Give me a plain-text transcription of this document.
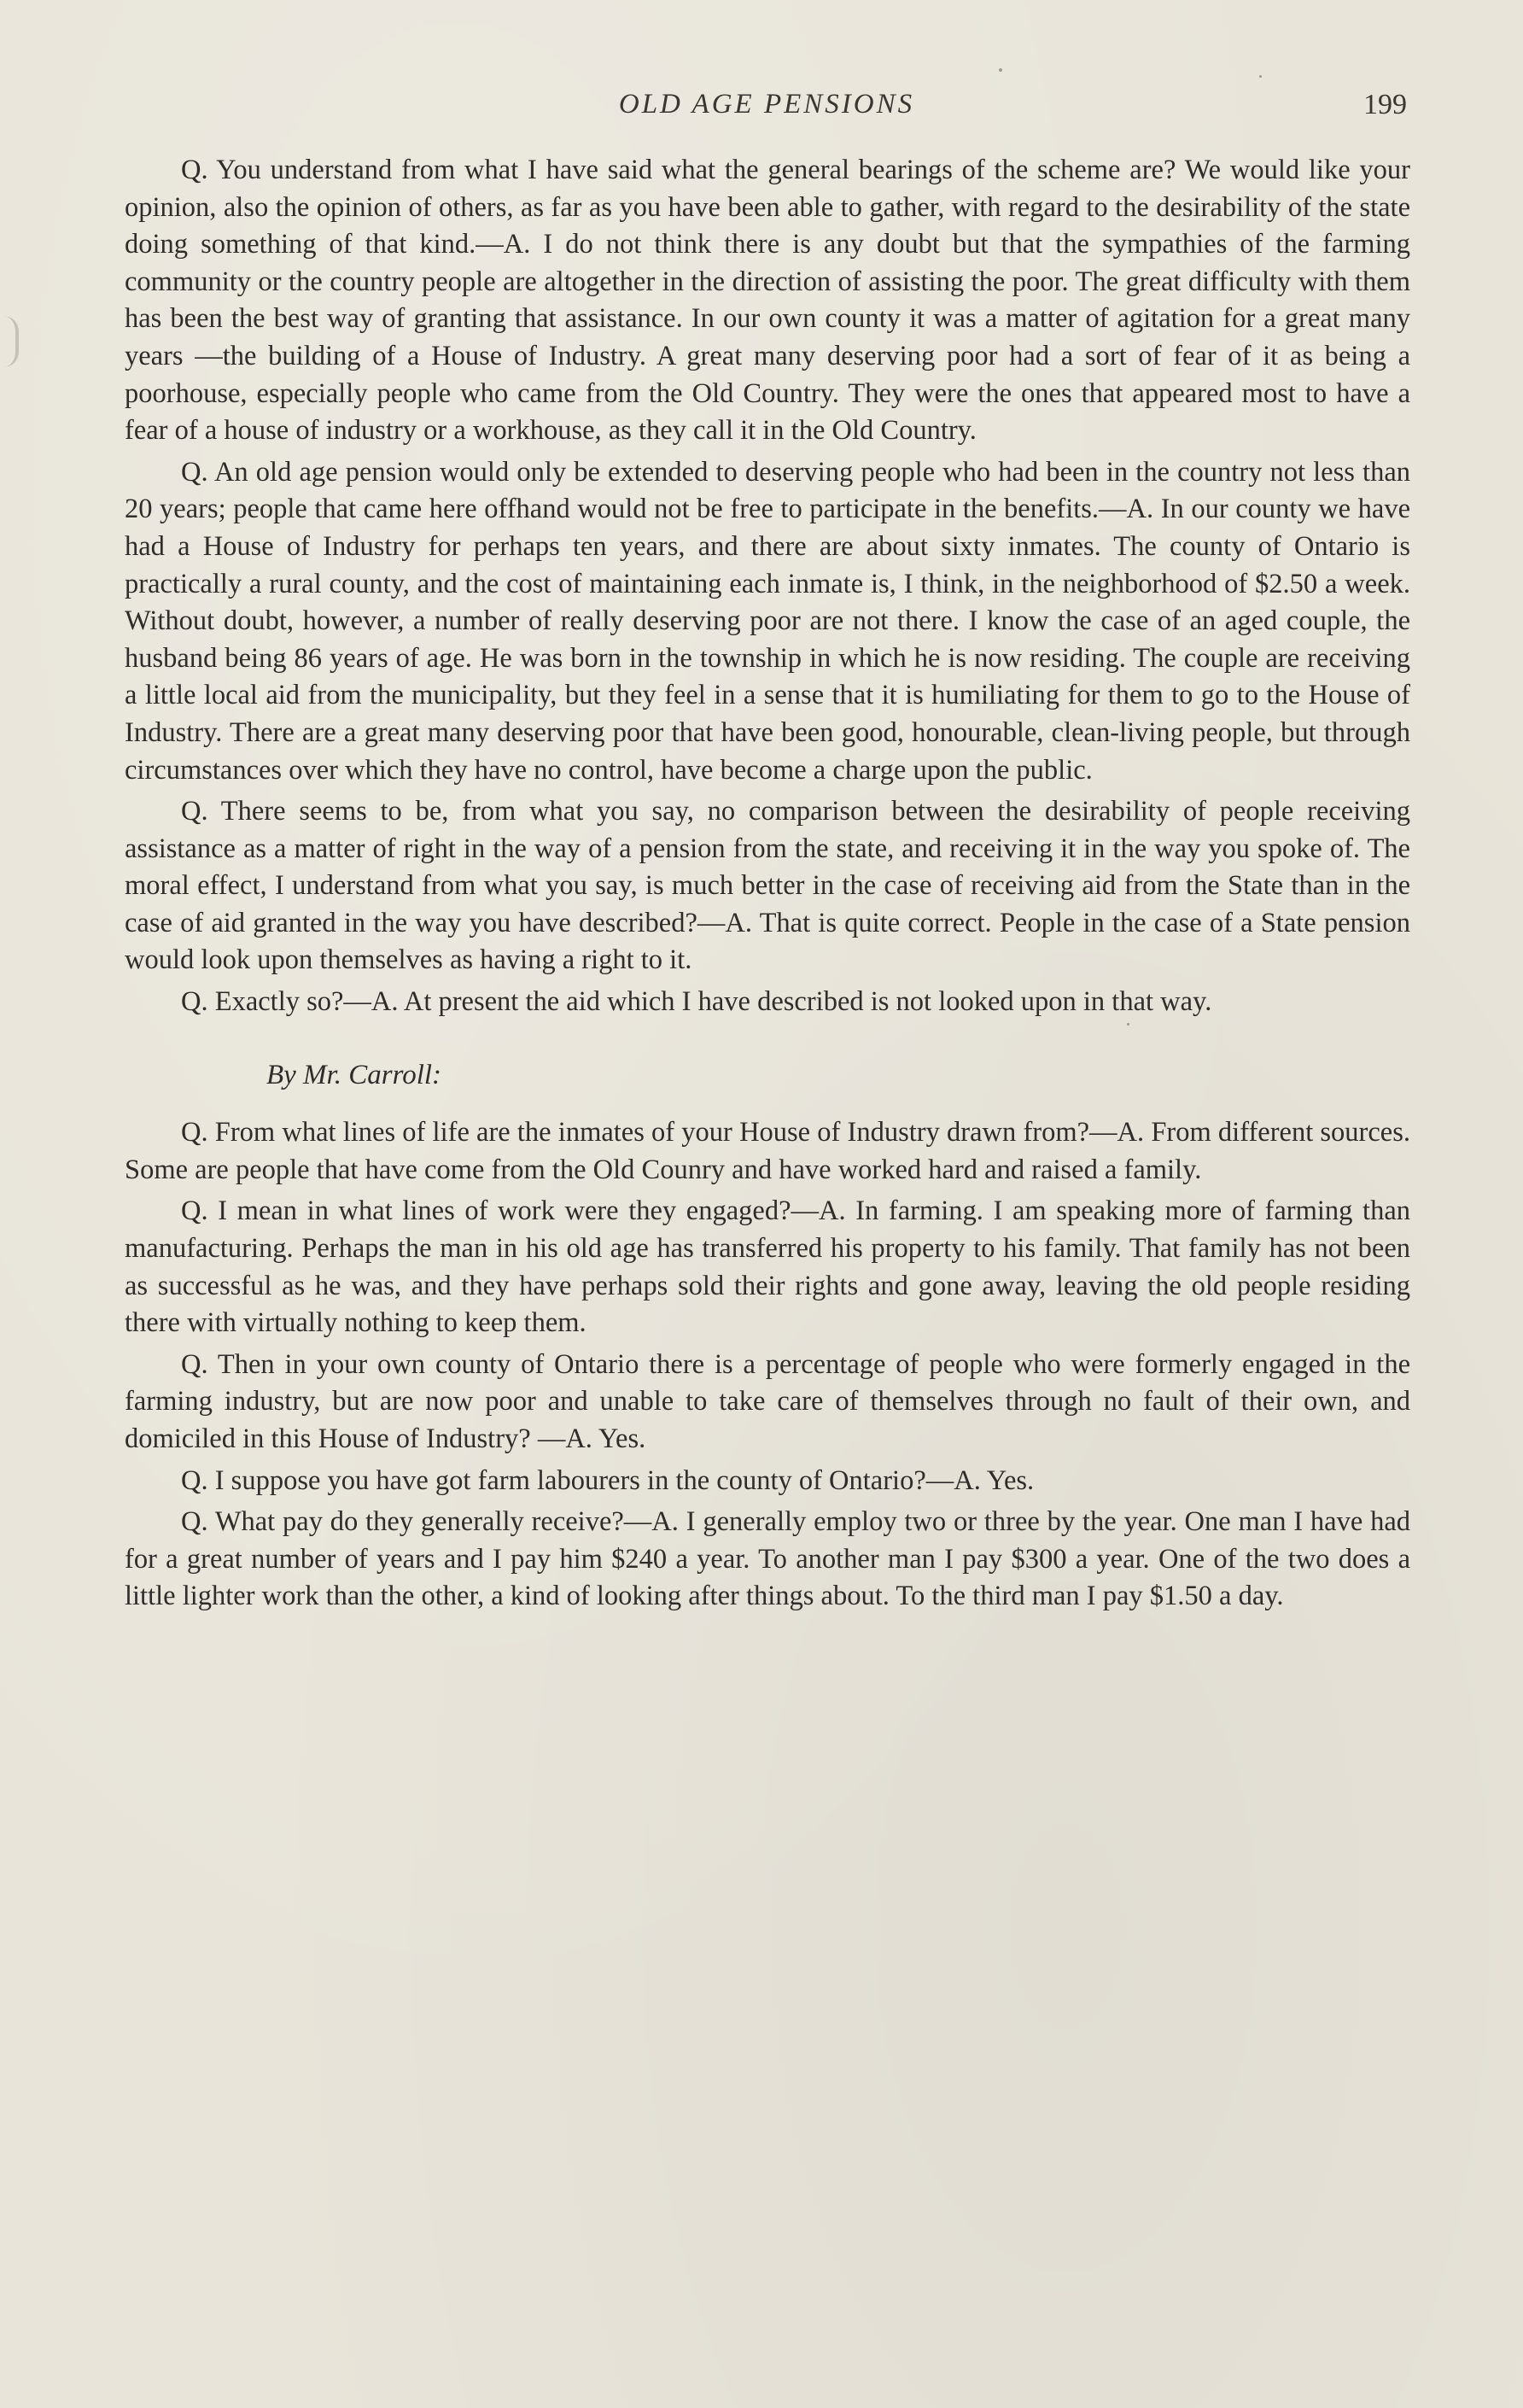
OLD AGE PENSIONS	199

Q. You understand from what I have said what the general bearings of the scheme are? We would like your opinion, also the opinion of others, as far as you have been able to gather, with regard to the desirability of the state doing something of that kind.—A. I do not think there is any doubt but that the sympathies of the farming community or the country people are altogether in the direction of assisting the poor. The great difficulty with them has been the best way of granting that assistance. In our own county it was a matter of agitation for a great many years —the building of a House of Industry. A great many deserving poor had a sort of fear of it as being a poorhouse, especially people who came from the Old Country. They were the ones that appeared most to have a fear of a house of industry or a workhouse, as they call it in the Old Country.

Q. An old age pension would only be extended to deserving people who had been in the country not less than 20 years; people that came here offhand would not be free to participate in the benefits.—A. In our county we have had a House of Industry for perhaps ten years, and there are about sixty inmates. The county of Ontario is practically a rural county, and the cost of maintaining each inmate is, I think, in the neighborhood of $2.50 a week. Without doubt, however, a number of really deserving poor are not there. I know the case of an aged couple, the husband being 86 years of age. He was born in the township in which he is now residing. The couple are receiving a little local aid from the municipality, but they feel in a sense that it is humiliating for them to go to the House of Industry. There are a great many deserving poor that have been good, honourable, clean-living people, but through circumstances over which they have no control, have become a charge upon the public.

Q. There seems to be, from what you say, no comparison between the desirability of people receiving assistance as a matter of right in the way of a pension from the state, and receiving it in the way you spoke of. The moral effect, I understand from what you say, is much better in the case of receiving aid from the State than in the case of aid granted in the way you have described?—A. That is quite correct. People in the case of a State pension would look upon themselves as having a right to it.

Q. Exactly so?—A. At present the aid which I have described is not looked upon in that way.

By Mr. Carroll:

Q. From what lines of life are the inmates of your House of Industry drawn from?—A. From different sources. Some are people that have come from the Old Counry and have worked hard and raised a family.

Q. I mean in what lines of work were they engaged?—A. In farming. I am speaking more of farming than manufacturing. Perhaps the man in his old age has transferred his property to his family. That family has not been as successful as he was, and they have perhaps sold their rights and gone away, leaving the old people residing there with virtually nothing to keep them.

Q. Then in your own county of Ontario there is a percentage of people who were formerly engaged in the farming industry, but are now poor and unable to take care of themselves through no fault of their own, and domiciled in this House of Industry? —A. Yes.

Q. I suppose you have got farm labourers in the county of Ontario?—A. Yes.

Q. What pay do they generally receive?—A. I generally employ two or three by the year. One man I have had for a great number of years and I pay him $240 a year. To another man I pay $300 a year. One of the two does a little lighter work than the other, a kind of looking after things about. To the third man I pay $1.50 a day.
